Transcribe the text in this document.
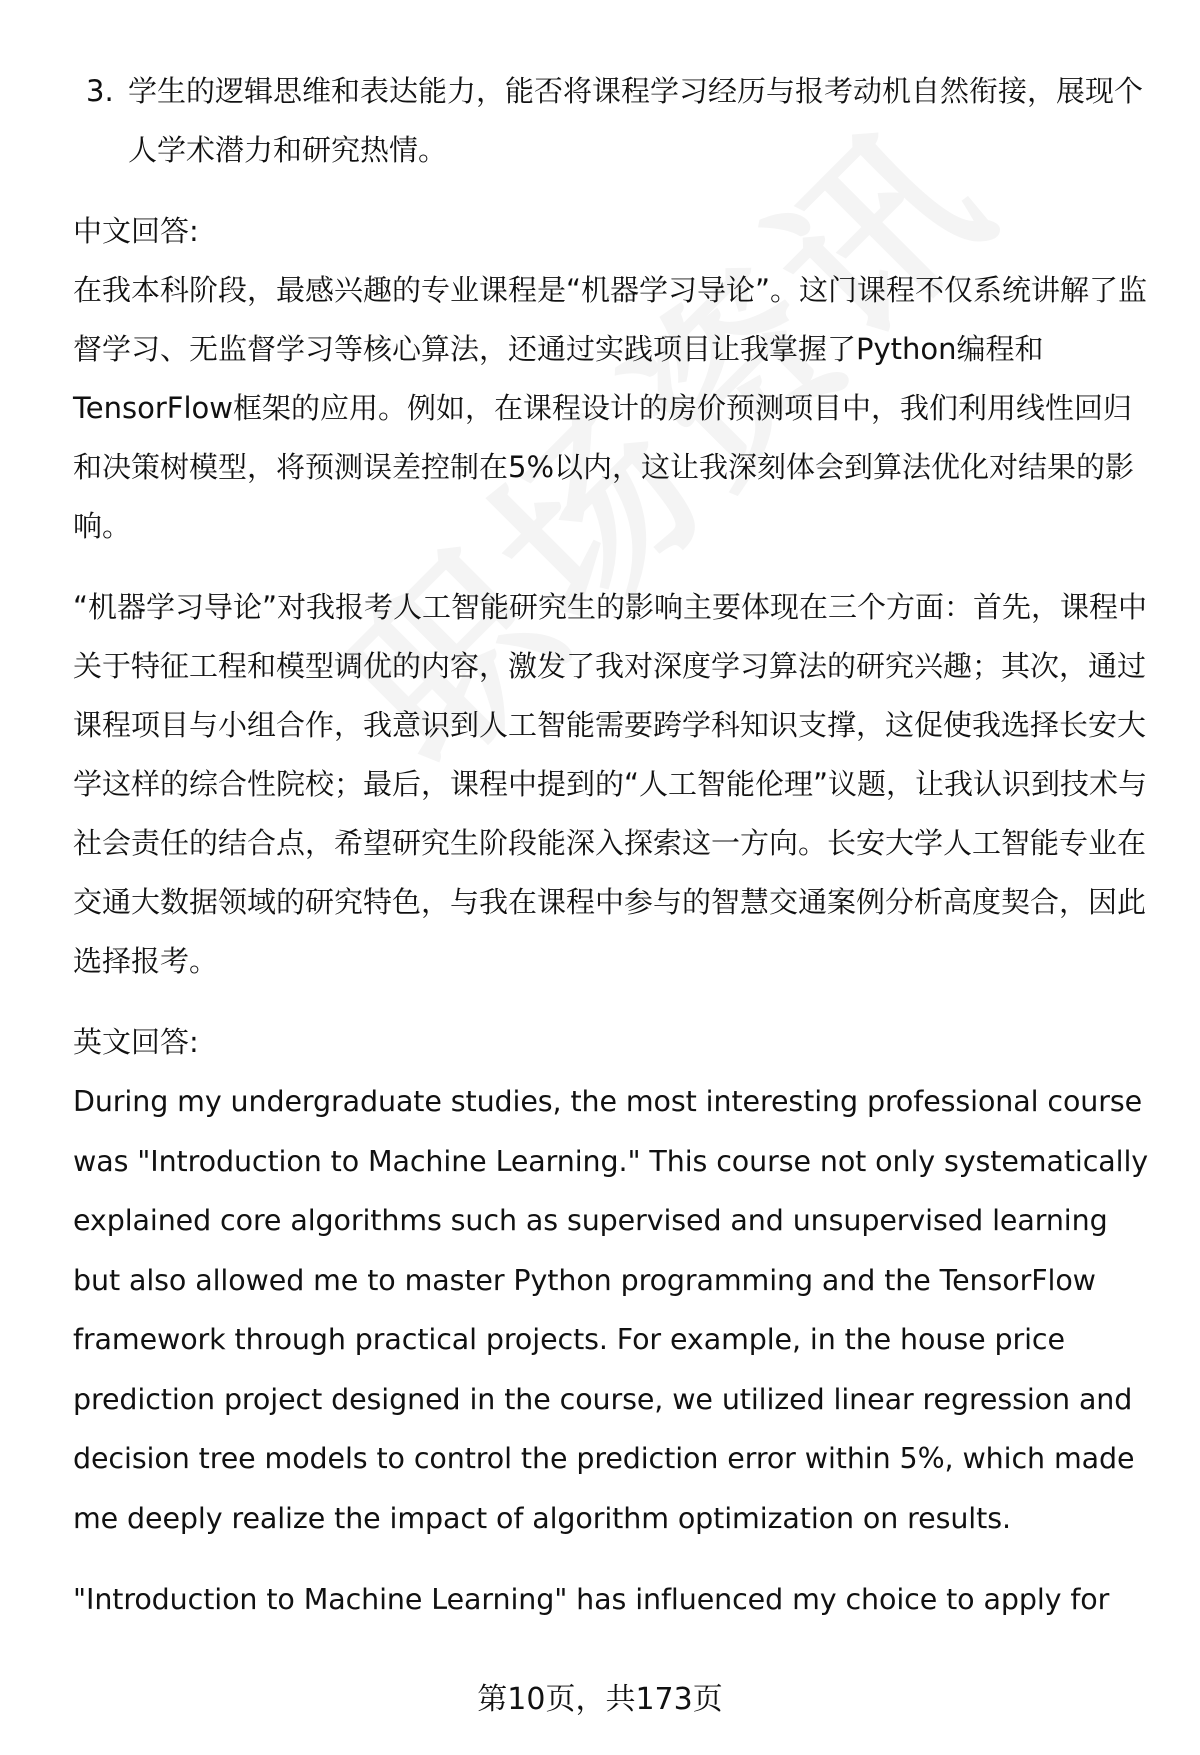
3. 学生的逻辑思维和表达能力，能否将课程学习经历与报考动机自然衔接，展现个人学术潜力和研究热情。

中文回答:

在我本科阶段，最感兴趣的专业课程是“机器学习导论”。这门课程不仅系统讲解了监督学习、无监督学习等核心算法，还通过实践项目让我掌握了Python编程和TensorFlow框架的应用。例如，在课程设计的房价预测项目中，我们利用线性回归和决策树模型，将预测误差控制在5%以内，这让我深刻体会到算法优化对结果的影响。

“机器学习导论”对我报考人工智能研究生的影响主要体现在三个方面：首先，课程中关于特征工程和模型调优的内容，激发了我对深度学习算法的研究兴趣；其次，通过课程项目与小组合作，我意识到人工智能需要跨学科知识支撑，这促使我选择长安大学这样的综合性院校；最后，课程中提到的“人工智能伦理”议题，让我认识到技术与社会责任的结合点，希望研究生阶段能深入探索这一方向。长安大学人工智能专业在交通大数据领域的研究特色，与我在课程中参与的智慧交通案例分析高度契合，因此选择报考。

英文回答:

During my undergraduate studies, the most interesting professional course was "Introduction to Machine Learning." This course not only systematically explained core algorithms such as supervised and unsupervised learning but also allowed me to master Python programming and the TensorFlow framework through practical projects. For example, in the house price prediction project designed in the course, we utilized linear regression and decision tree models to control the prediction error within 5%, which made me deeply realize the impact of algorithm optimization on results.

"Introduction to Machine Learning" has influenced my choice to apply for

第10页，共173页
